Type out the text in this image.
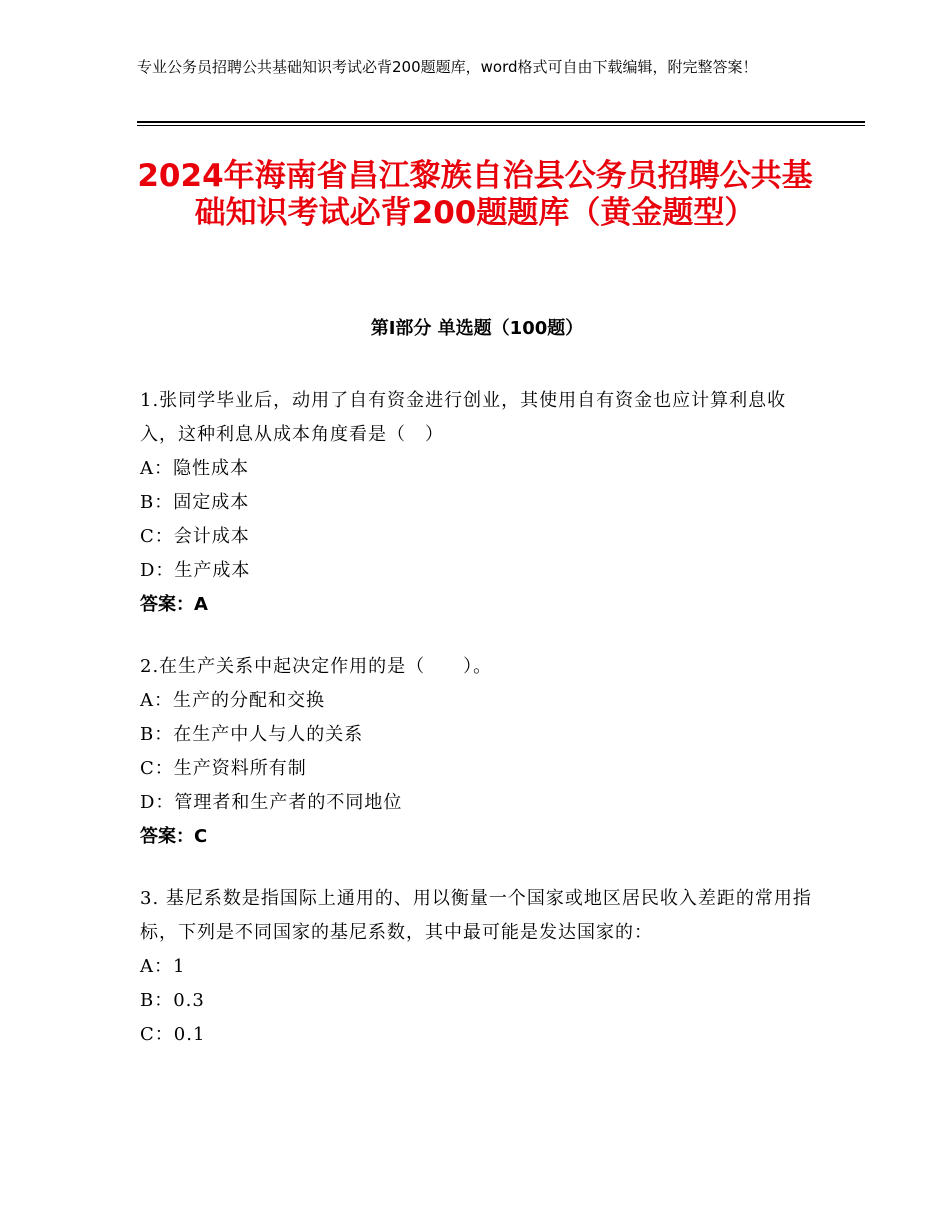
专业公务员招聘公共基础知识考试必背200题题库，word格式可自由下载编辑，附完整答案！
2024年海南省昌江黎族自治县公务员招聘公共基础知识考试必背200题题库（黄金题型）
第Ⅰ部分 单选题（100题）
1.张同学毕业后，动用了自有资金进行创业，其使用自有资金也应计算利息收入，这种利息从成本角度看是（　）
A：隐性成本
B：固定成本
C：会计成本
D：生产成本
答案：A
2.在生产关系中起决定作用的是（　　）。
A：生产的分配和交换
B：在生产中人与人的关系
C：生产资料所有制
D：管理者和生产者的不同地位
答案：C
3. 基尼系数是指国际上通用的、用以衡量一个国家或地区居民收入差距的常用指标，下列是不同国家的基尼系数，其中最可能是发达国家的：
A：1
B：0.3
C：0.1
